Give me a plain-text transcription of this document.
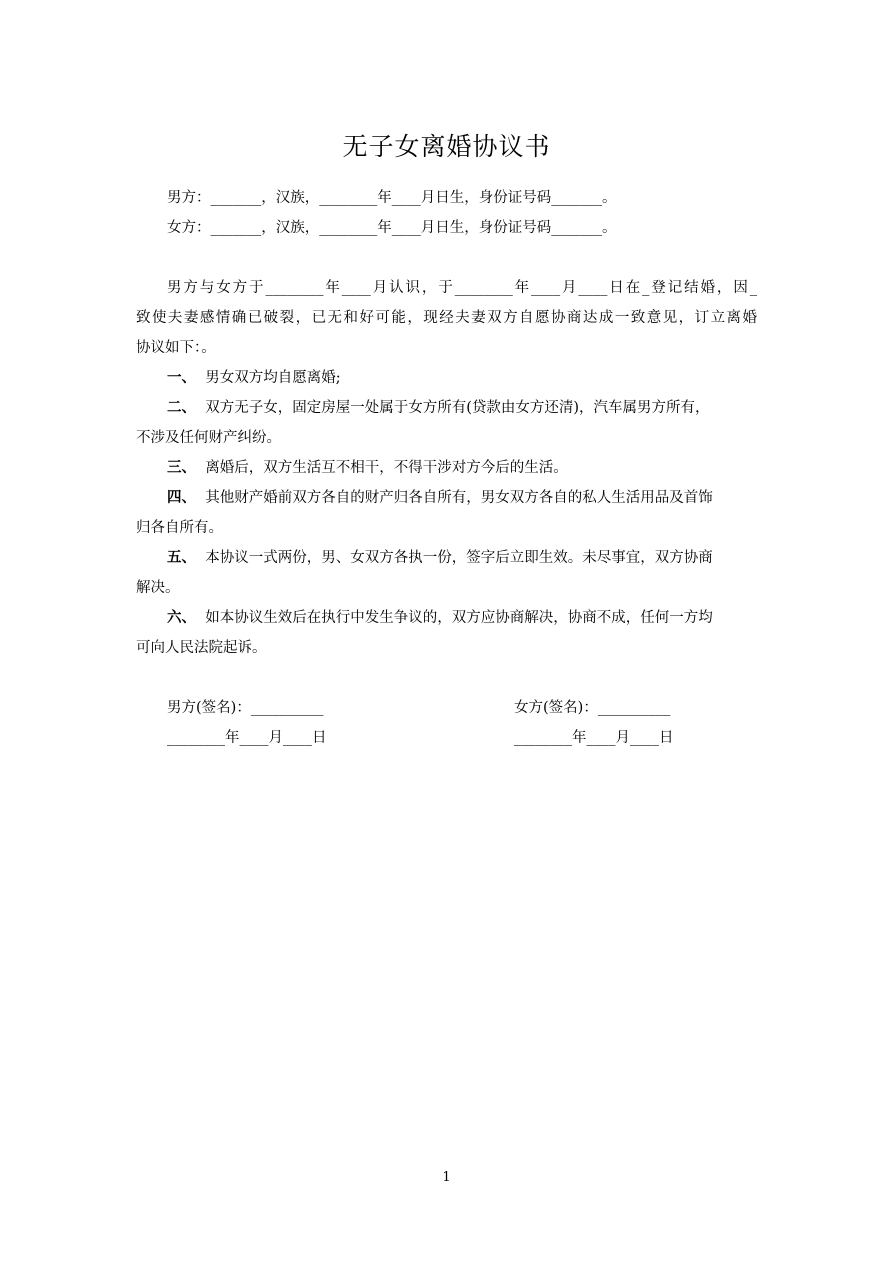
无子女离婚协议书
男方：_______，汉族，________年____月日生，身份证号码_______。
女方：_______，汉族，________年____月日生，身份证号码_______。
男方与女方于________年____月认识，于________年____月____日在_登记结婚，因_
致使夫妻感情确已破裂，已无和好可能，现经夫妻双方自愿协商达成一致意见，订立离婚
协议如下：。
一、 男女双方均自愿离婚;
二、 双方无子女，固定房屋一处属于女方所有(贷款由女方还清)，汽车属男方所有，
不涉及任何财产纠纷。
三、 离婚后，双方生活互不相干，不得干涉对方今后的生活。
四、 其他财产婚前双方各自的财产归各自所有，男女双方各自的私人生活用品及首饰
归各自所有。
五、 本协议一式两份，男、女双方各执一份，签字后立即生效。未尽事宜，双方协商
解决。
六、 如本协议生效后在执行中发生争议的，双方应协商解决，协商不成，任何一方均
可向人民法院起诉。
男方(签名)：__________
________年____月____日
女方(签名)：__________
________年____月____日
1
